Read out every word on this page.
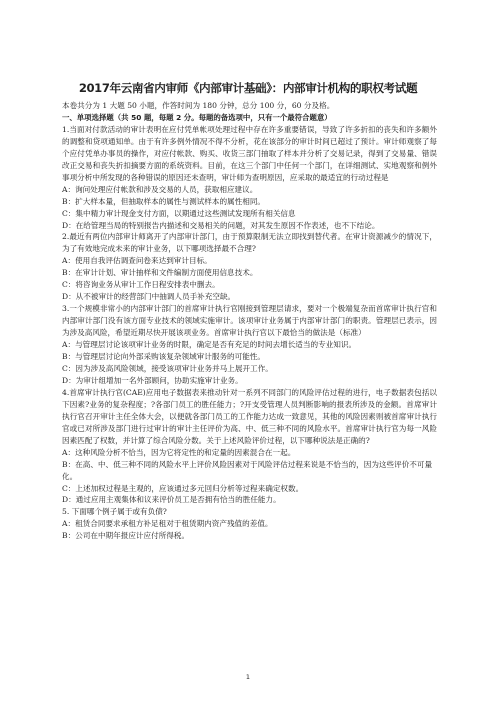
2017年云南省内审师《内部审计基础》：内部审计机构的职权考试题

本卷共分为 1 大题 50 小题，作答时间为 180 分钟，总分 100 分，60 分及格。

一、单项选择题（共 50 题，每题 2 分。每题的备选项中，只有一个最符合题意）

1.当面对付款活动的审计表明在应付凭单帐项处理过程中存在许多重要错误，导致了许多折扣的丧失和许多额外的调整和贷项通知单。由于有许多例外情况不得不分析，花在该部分的审计时间已超过了预计。审计师观察了每个应付凭单办事员的操作，对应付帐款、购买、收货三部门抽取了样本并分析了交易记录，得到了交易量、错误改正交易和丧失折扣摘要方面的系统资料。目前，在这三个部门中任何一个部门，在详细测试、实地观察和例外事项分析中所发现的各种错误的原因还未查明，审计师为查明原因，应采取的最适宜的行动过程是

A：询问处理应付帐款和涉及交易的人员，获取相应建议。

B：扩大样本量，但抽取样本的属性与测试样本的属性相同。

C：集中精力审计现金支付方面，以期通过这些测试发现所有相关信息

D：在给管理当局的特别报告内描述和交易相关的问题，对其发生原因不作表述，也不下结论。

2.最近有两位内部审计师离开了内部审计部门，由于预算限制无法立即找到替代者。在审计资源减少的情况下，为了有效地完成未来的审计业务，以下哪项选择最不合理?

A：使用自我评估调查问卷来达到审计目标。

B：在审计计划、审计抽样和文件编制方面使用信息技术。

C：将咨询业务从审计工作日程安排表中删去。

D：从不被审计的经营部门中抽调人员手补充空缺。

3.一个规模非常小的内部审计部门的首席审计执行官刚接到管理层请求，要对一个极端复杂而首席审计执行官和内部审计部门没有该方面专业技术的领域实施审计。该项审计业务属于内部审计部门的职责。管理层已表示，因为涉及高风险，希望近期尽快开展该项业务。首席审计执行官以下最恰当的做法是（标准）

A：与管理层讨论该项审计业务的时限，确定是否有充足的时间去增长适当的专业知识。

B：与管理层讨论向外部采购该复杂领域审计服务的可能性。

C：因为涉及高风险领域，接受该项审计业务并马上展开工作。

D：为审计组增加一名外部顾问，协助实施审计业务。

4.首席审计执行官(CAE)应用电子数据表来推动针对一系列不同部门的风险评估过程的进行，电子数据表包括以下因素?业务的复杂程度；?各部门员工的胜任能力；?开支受管理人员判断影响的报表所涉及的金额。首席审计执行官召开审计主任全体大会，以便就各部门员工的工作能力达成一致意见，其他的风险因素则被首席审计执行官或已对所涉及部门进行过审计的审计主任评价为高、中、低三种不同的风险水平。首席审计执行官为每一风险因素匹配了权数，并计算了综合风险分数。关于上述风险评价过程，以下哪种说法是正确的?

A：这种风险分析不恰当，因为它将定性的和定量的因素混合在一起。

B：在高、中、低三种不同的风险水平上评价风险因素对于风险评估过程来说是不恰当的，因为这些评价不可量化。

C：上述加权过程是主观的，应该通过多元回归分析等过程来确定权数。

D：通过应用主观集体和议来评价员工是否拥有恰当的胜任能力。

5. 下面哪个例子属于或有负债?

A：租赁合同要求承租方补足租对于租赁期内资产残值的差值。

B：公司在中期年报应计应付所得税。

1
